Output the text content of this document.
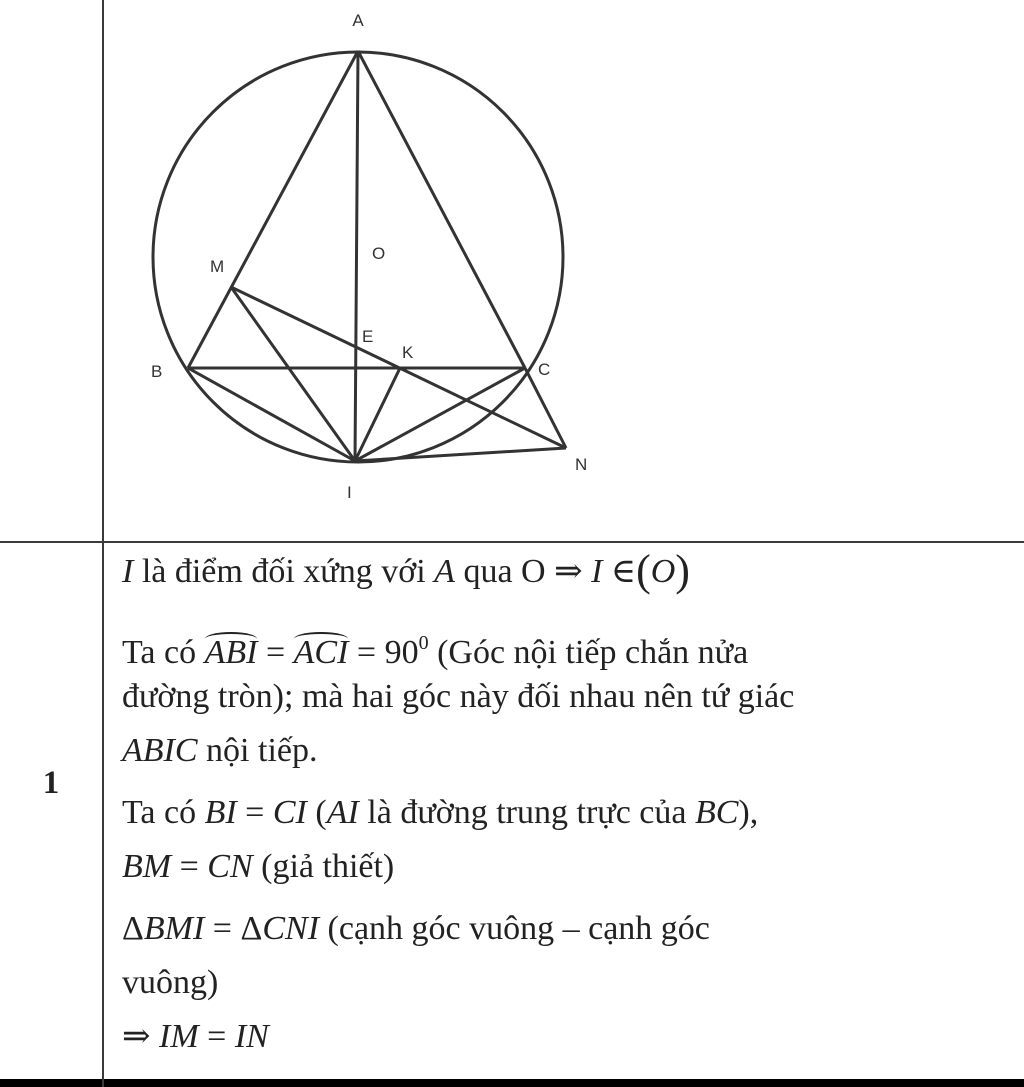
A
O
M
E
K
B	C
I
N
1
I là điểm đối xứng với A qua O ⇒ I ∈(O)
Ta có ABI = ACI = $90^0$ (Góc nội tiếp chắn nửa
đường tròn); mà hai góc này đối nhau nên tứ giác
ABIC nội tiếp.
Ta có BI = CI (AI là đường trung trực của BC),
BM = CN (giả thiết)
ΔBMI = ΔCNI (cạnh góc vuông – cạnh góc
vuông)
⇒ IM = IN
